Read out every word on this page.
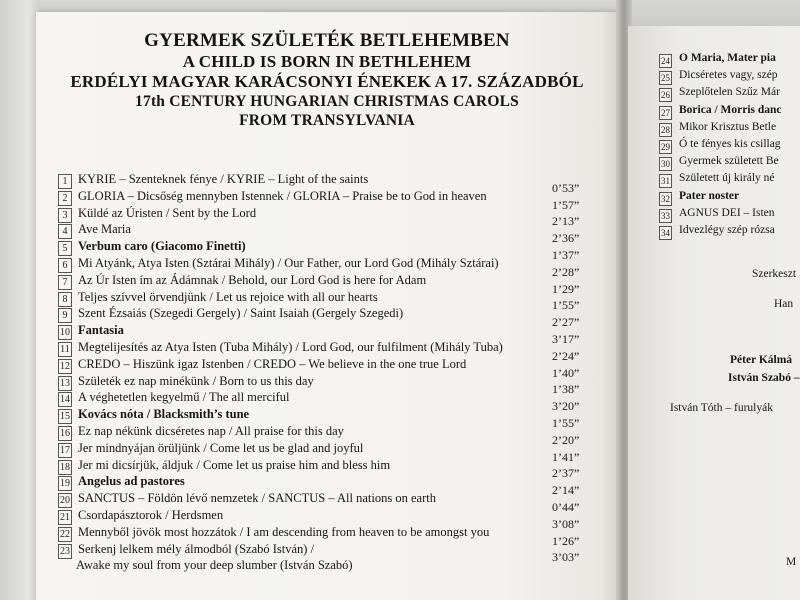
GYERMEK SZÜLETÉK BETLEHEMBEN
A CHILD IS BORN IN BETHLEHEM
ERDÉLYI MAGYAR KARÁCSONYI ÉNEKEK A 17. SZÁZADBÓL
17th CENTURY HUNGARIAN CHRISTMAS CAROLS
FROM TRANSYLVANIA
1 KYRIE – Szenteknek fénye / KYRIE – Light of the saints
2 GLORIA – Dicsőség mennyben Istennek / GLORIA – Praise be to God in heaven
0’53”
3 Küldé az Úristen / Sent by the Lord
1’57”
4 Ave Maria
2’13”
5 Verbum caro (Giacomo Finetti)
2’36”
6 Mi Atyánk, Atya Isten (Sztárai Mihály) / Our Father, our Lord God (Mihály Sztárai)
1’37”
7 Az Úr Isten ím az Ádámnak / Behold, our Lord God is here for Adam
2’28”
8 Teljes szívvel örvendjünk / Let us rejoice with all our hearts
1’29”
9 Szent Ézsaiás (Szegedi Gergely) / Saint Isaiah (Gergely Szegedi)
1’55”
10 Fantasia
2’27”
11 Megtelijesítés az Atya Isten (Tuba Mihály) / Lord God, our fulfilment (Mihály Tuba)
3’17”
12 CREDO – Hiszünk igaz Istenben / CREDO – We believe in the one true Lord
2’24”
13 Születék ez nap minékünk / Born to us this day
1’40”
14 A véghetetlen kegyelmű / The all merciful
1’38”
15 Kovács nóta / Blacksmith’s tune
3’20”
16 Ez nap nékünk dicséretes nap / All praise for this day
1’55”
17 Jer mindnyájan örüljünk / Come let us be glad and joyful
2’20”
18 Jer mi dicsírjük, áldjuk / Come let us praise him and bless him
1’41”
19 Angelus ad pastores
2’37”
20 SANCTUS – Földön lévő nemzetek / SANCTUS – All nations on earth
2’14”
21 Csordapásztorok / Herdsmen
0’44”
22 Mennyből jövök most hozzátok / I am descending from heaven to be amongst you
3’08”
23 Serkenj lelkem mély álmodból (Szabó István) /
1’26”
Awake my soul from your deep slumber (István Szabó)
3’03”
24 O Maria, Mater pia
25 Dicséretes vagy, szép
26 Szeplőtelen Szűz Már
27 Borica / Morris danc
28 Mikor Krisztus Betle
29 Ó te fényes kis csillag
30 Gyermek született Be
31 Született új király né
32 Pater noster
33 AGNUS DEI – Isten
34 Idvezlégy szép rózsa
Szerkeszt
Han
Péter Kálmá
István Szabó –
István Tóth – furulyák
M
